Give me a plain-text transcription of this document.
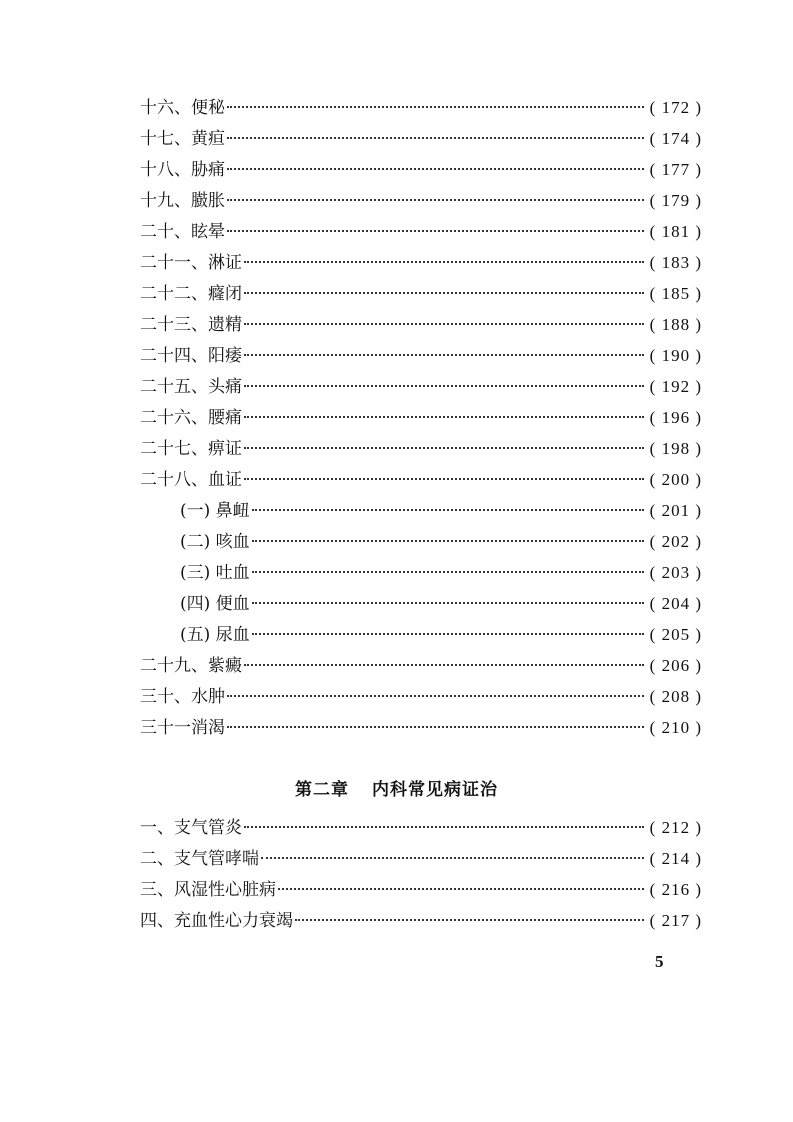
十六、便秘	( 172 )
十七、黄疸	( 174 )
十八、胁痛	( 177 )
十九、臌胀	( 179 )
二十、眩晕	( 181 )
二十一、淋证	( 183 )
二十二、癃闭	( 185 )
二十三、遗精	( 188 )
二十四、阳痿	( 190 )
二十五、头痛	( 192 )
二十六、腰痛	( 196 )
二十七、痹证	( 198 )
二十八、血证	( 200 )
(一) 鼻衄	( 201 )
(二) 咳血	( 202 )
(三) 吐血	( 203 )
(四) 便血	( 204 )
(五) 尿血	( 205 )
二十九、紫癜	( 206 )
三十、水肿	( 208 )
三十一消渴	( 210 )
第二章 内科常见病证治
一、支气管炎	( 212 )
二、支气管哮喘	( 214 )
三、风湿性心脏病	( 216 )
四、充血性心力衰竭	( 217 )
5
